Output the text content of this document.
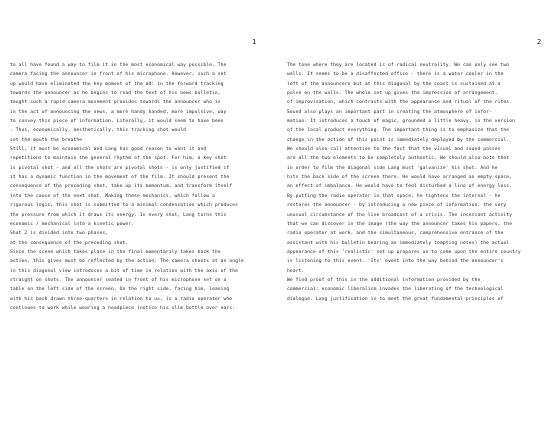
1
to all have found a way to film it in the most economical way possible. The
camera facing the announcer in front of his microphone. However, such a set
up would have eliminated the key moment of the ad: in the forward tracking
towards the announcer as he begins to read the text of his news bulletin,
taught such a rapid camera movement provides towards the announcer who is
in the act of announcing the news, a more handy handed, more impulsive, way
to convey this piece of information. Literally, it would seem to have been
. Thus, economically, aesthetically, this tracking shot would
set the mouth the breathe
Still, it must be economical and Lang has good reason to want it and
repetitions to maintain the general rhythm of the spot. For him, a key shot
is pivotal shot - and all the shots are pivotal shots - is only justified if
it has a dynamic function in the movement of the film. It should present the
consequence of the preceding shot, take up its momentum, and transform itself
into the cause of the next shot. Making these mechanics, which follow a
rigorous logic, this shot is submitted to a minimal condensation which produces
the pressure from which it draws its energy. In every shot, Lang turns this
economic / mechanical into a kinetic power.
Shot 2 is divided into two phases,
at the consequence of the preceding shot.
Since the scene which takes place in the final momentarily takes back the
action, this gives must be reflected by the action. The camera shoots at an angle
in this diagonal view introduces a bit of time in relation with the axis of the
straight on shots. The announcer seated in front of his microphone set on a
table on the left side of the screen. On the right side, facing him, leaning
with his back drawn three-quarters in relation to us, is a radio operator who
continues to work while wearing a headpiece (notice his slim bottle over ears.
2
The tone where they are located is of radical neutrality. We can only see two
walls. It seems to be a disaffected office - there is a water cooler in the
left of the announcers but at this diagonal by the coast is sustained at a
pulse on the walls. The whole set up gives the impression of arrangement,
of improvisation, which contrasts with the appearance and ritual of the rites.
Sound also plays an important part in creating the atmosphere of infor-
mation. It introduces a touch of magic, grounded a little heavy, in the version
of the local product everything. The important thing is to emphasize that the
change in the action of this point is immediately deployed by the commercial.
We should also call attention to the fact that the visual and sound passes
are all the two elements to be completely authentic. We should also note that
in order to film the diagonal side Lang must 'galvanize' his shot. And he
hits the back side of the screen there. He would have arranged an empty space,
an effect of imbalance. He would have to feel disturbed a line of energy loss.
By putting the radio operator in that space, he tightens the internal - he
restores the announcer - by introducing a new piece of information; the very
unusual circumstance of the live broadcast of a crisis. The incessant activity
that we can discover in the image (the way the announcer takes his papers, the
radio operator at work, and the simultaneous, comprehensive entrance of the
assistant with his bulletin bearing an immediately tempting notes) the actual
appearance of this 'realistic' set up prepares us to come upon the entire country
is listening to this event. 'Its' event into the way behind the announcer's
heart.
We find proof of this in the additional information provided by the
commercial: economic liberalism invades the liberating of the technological
dialogue. Lang justification is to meet the great fundamental principles of
